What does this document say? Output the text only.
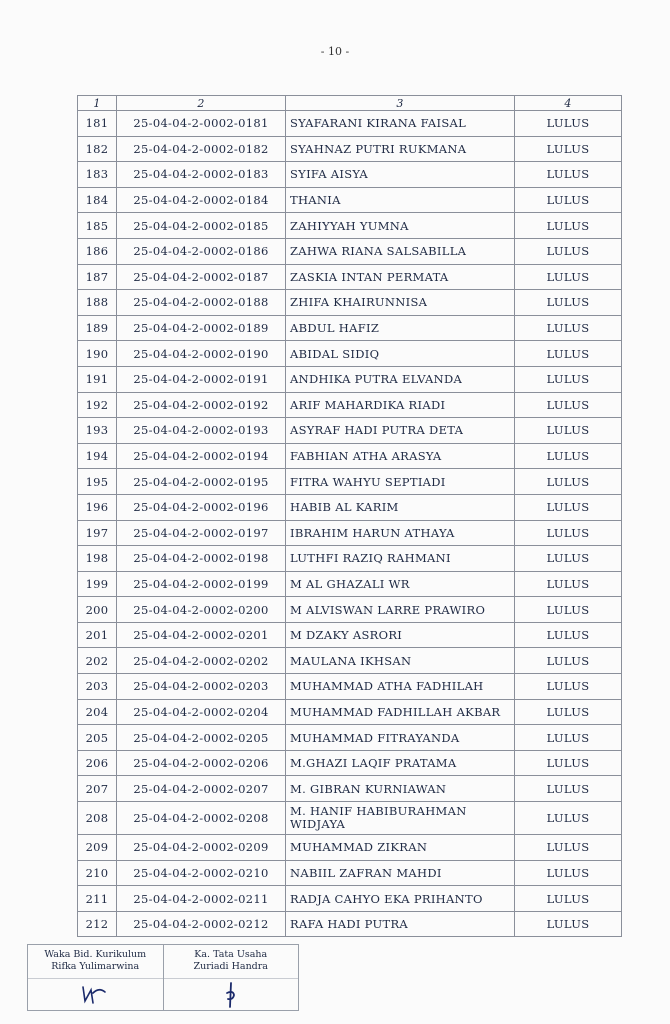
- 10 -
1	2	3	4
181	25-04-04-2-0002-0181	SYAFARANI KIRANA FAISAL	LULUS
182	25-04-04-2-0002-0182	SYAHNAZ PUTRI RUKMANA	LULUS
183	25-04-04-2-0002-0183	SYIFA AISYA	LULUS
184	25-04-04-2-0002-0184	THANIA	LULUS
185	25-04-04-2-0002-0185	ZAHIYYAH YUMNA	LULUS
186	25-04-04-2-0002-0186	ZAHWA RIANA SALSABILLA	LULUS
187	25-04-04-2-0002-0187	ZASKIA INTAN PERMATA	LULUS
188	25-04-04-2-0002-0188	ZHIFA KHAIRUNNISA	LULUS
189	25-04-04-2-0002-0189	ABDUL HAFIZ	LULUS
190	25-04-04-2-0002-0190	ABIDAL SIDIQ	LULUS
191	25-04-04-2-0002-0191	ANDHIKA PUTRA ELVANDA	LULUS
192	25-04-04-2-0002-0192	ARIF MAHARDIKA RIADI	LULUS
193	25-04-04-2-0002-0193	ASYRAF HADI PUTRA DETA	LULUS
194	25-04-04-2-0002-0194	FABHIAN ATHA ARASYA	LULUS
195	25-04-04-2-0002-0195	FITRA WAHYU SEPTIADI	LULUS
196	25-04-04-2-0002-0196	HABIB AL KARIM	LULUS
197	25-04-04-2-0002-0197	IBRAHIM HARUN ATHAYA	LULUS
198	25-04-04-2-0002-0198	LUTHFI RAZIQ RAHMANI	LULUS
199	25-04-04-2-0002-0199	M AL GHAZALI WR	LULUS
200	25-04-04-2-0002-0200	M ALVISWAN LARRE PRAWIRO	LULUS
201	25-04-04-2-0002-0201	M DZAKY ASRORI	LULUS
202	25-04-04-2-0002-0202	MAULANA IKHSAN	LULUS
203	25-04-04-2-0002-0203	MUHAMMAD ATHA FADHILAH	LULUS
204	25-04-04-2-0002-0204	MUHAMMAD FADHILLAH AKBAR	LULUS
205	25-04-04-2-0002-0205	MUHAMMAD FITRAYANDA	LULUS
206	25-04-04-2-0002-0206	M.GHAZI LAQIF PRATAMA	LULUS
207	25-04-04-2-0002-0207	M. GIBRAN KURNIAWAN	LULUS
208	25-04-04-2-0002-0208	M. HANIF HABIBURAHMAN WIDJAYA	LULUS
209	25-04-04-2-0002-0209	MUHAMMAD ZIKRAN	LULUS
210	25-04-04-2-0002-0210	NABIIL ZAFRAN MAHDI	LULUS
211	25-04-04-2-0002-0211	RADJA CAHYO EKA PRIHANTO	LULUS
212	25-04-04-2-0002-0212	RAFA HADI PUTRA	LULUS
Waka Bid. Kurikulum
Rifka Yulimarwina
Ka. Tata Usaha
Zuriadi Handra
